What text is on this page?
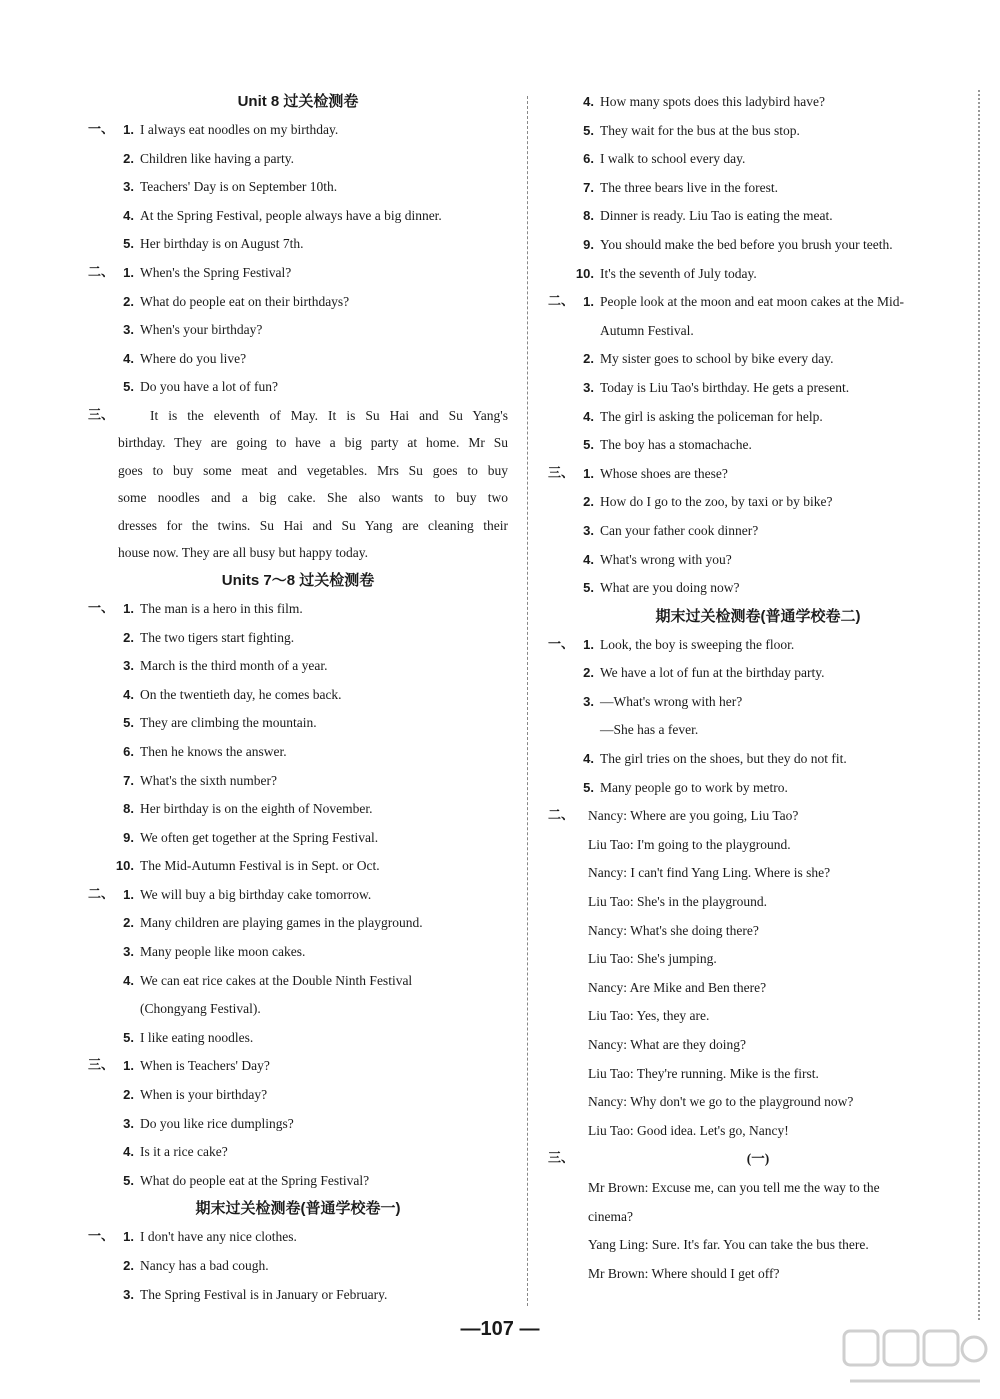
Unit 8 过关检测卷
一、 1. I always eat noodles on my birthday.
2. Children like having a party.
3. Teachers' Day is on September 10th.
4. At the Spring Festival, people always have a big dinner.
5. Her birthday is on August 7th.
二、 1. When's the Spring Festival?
2. What do people eat on their birthdays?
3. When's your birthday?
4. Where do you live?
5. Do you have a lot of fun?
三、	It is the eleventh of May. It is Su Hai and Su Yang's
birthday. They are going to have a big party at home. Mr Su
goes to buy some meat and vegetables. Mrs Su goes to buy
some noodles and a big cake. She also wants to buy two
dresses for the twins. Su Hai and Su Yang are cleaning their
house now. They are all busy but happy today.
Units 7～8 过关检测卷
一、 1. The man is a hero in this film.
2. The two tigers start fighting.
3. March is the third month of a year.
4. On the twentieth day, he comes back.
5. They are climbing the mountain.
6. Then he knows the answer.
7. What's the sixth number?
8. Her birthday is on the eighth of November.
9. We often get together at the Spring Festival.
10. The Mid-Autumn Festival is in Sept. or Oct.
二、 1. We will buy a big birthday cake tomorrow.
2. Many children are playing games in the playground.
3. Many people like moon cakes.
4. We can eat rice cakes at the Double Ninth Festival
(Chongyang Festival).
5. I like eating noodles.
三、 1. When is Teachers' Day?
2. When is your birthday?
3. Do you like rice dumplings?
4. Is it a rice cake?
5. What do people eat at the Spring Festival?
期末过关检测卷(普通学校卷一)
一、 1. I don't have any nice clothes.
2. Nancy has a bad cough.
3. The Spring Festival is in January or February.
4. How many spots does this ladybird have?
5. They wait for the bus at the bus stop.
6. I walk to school every day.
7. The three bears live in the forest.
8. Dinner is ready. Liu Tao is eating the meat.
9. You should make the bed before you brush your teeth.
10. It's the seventh of July today.
二、 1. People look at the moon and eat moon cakes at the Mid-
Autumn Festival.
2. My sister goes to school by bike every day.
3. Today is Liu Tao's birthday. He gets a present.
4. The girl is asking the policeman for help.
5. The boy has a stomachache.
三、 1. Whose shoes are these?
2. How do I go to the zoo, by taxi or by bike?
3. Can your father cook dinner?
4. What's wrong with you?
5. What are you doing now?
期末过关检测卷(普通学校卷二)
一、 1. Look, the boy is sweeping the floor.
2. We have a lot of fun at the birthday party.
3. —What's wrong with her?
—She has a fever.
4. The girl tries on the shoes, but they do not fit.
5. Many people go to work by metro.
二、 Nancy: Where are you going, Liu Tao?
Liu Tao: I'm going to the playground.
Nancy: I can't find Yang Ling. Where is she?
Liu Tao: She's in the playground.
Nancy: What's she doing there?
Liu Tao: She's jumping.
Nancy: Are Mike and Ben there?
Liu Tao: Yes, they are.
Nancy: What are they doing?
Liu Tao: They're running. Mike is the first.
Nancy: Why don't we go to the playground now?
Liu Tao: Good idea. Let's go, Nancy!
三、	(一)
Mr Brown: Excuse me, can you tell me the way to the
cinema?
Yang Ling: Sure. It's far. You can take the bus there.
Mr Brown: Where should I get off?
—107 —
